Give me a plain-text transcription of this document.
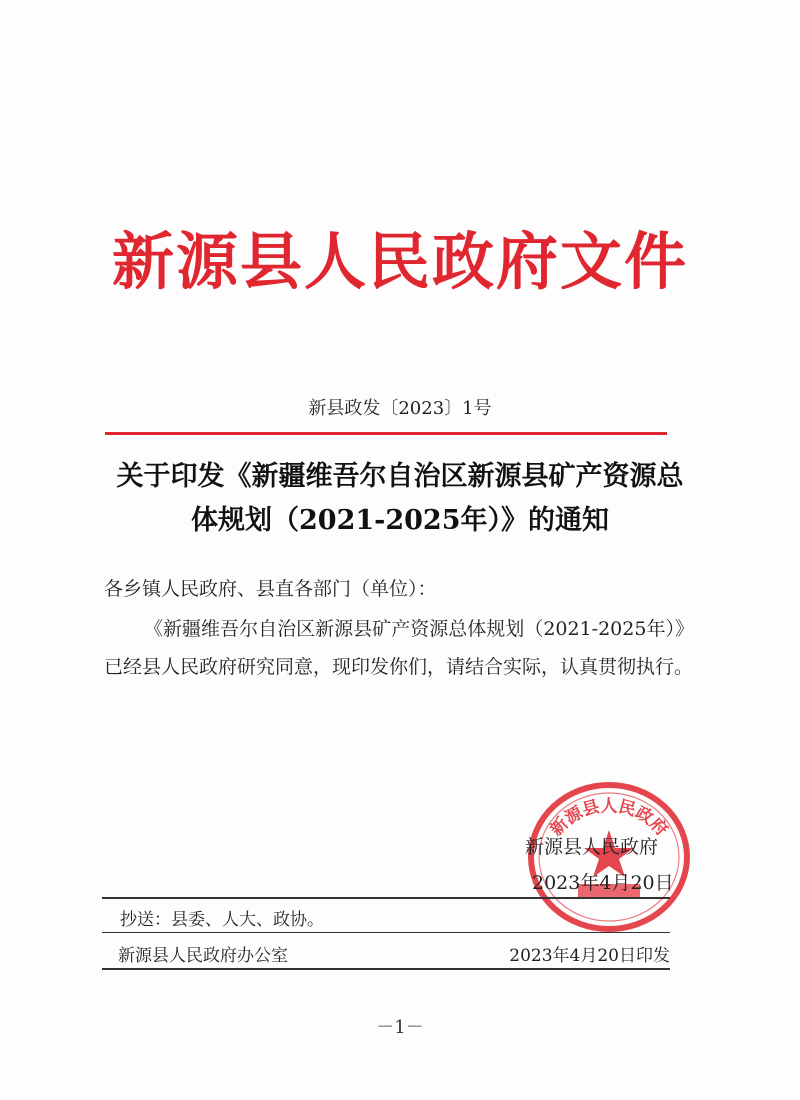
新源县人民政府文件
新县政发〔2023〕1号
关于印发《新疆维吾尔自治区新源县矿产资源总
体规划（2021-2025年）》的通知
各乡镇人民政府、县直各部门（单位）：
《新疆维吾尔自治区新源县矿产资源总体规划（2021-2025年）》已经县人民政府研究同意，现印发你们，请结合实际，认真贯彻执行。
新源县人民政府
新源县人民政府
2023年4月20日
抄送：县委、人大、政协。
新源县人民政府办公室	2023年4月20日印发
－1－
